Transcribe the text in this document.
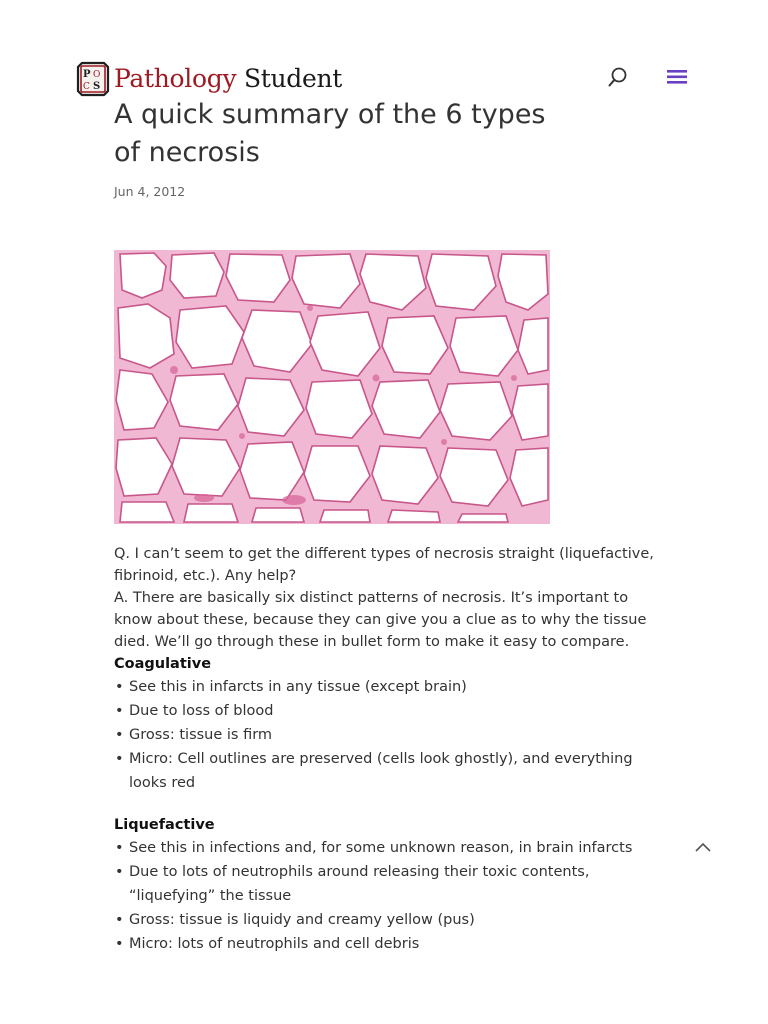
P O
C S Pathology Student
A quick summary of the 6 types of necrosis
Jun 4, 2012

Q. I can’t seem to get the different types of necrosis straight (liquefactive, fibrinoid, etc.). Any help?

A. There are basically six distinct patterns of necrosis. It’s important to know about these, because they can give you a clue as to why the tissue died. We’ll go through these in bullet form to make it easy to compare.

Coagulative
• See this in infarcts in any tissue (except brain)
• Due to loss of blood
• Gross: tissue is firm
• Micro: Cell outlines are preserved (cells look ghostly), and everything looks red
Liquefactive
• See this in infections and, for some unknown reason, in brain infarcts
• Due to lots of neutrophils around releasing their toxic contents, “liquefying” the tissue
• Gross: tissue is liquidy and creamy yellow (pus)
• Micro: lots of neutrophils and cell debris
